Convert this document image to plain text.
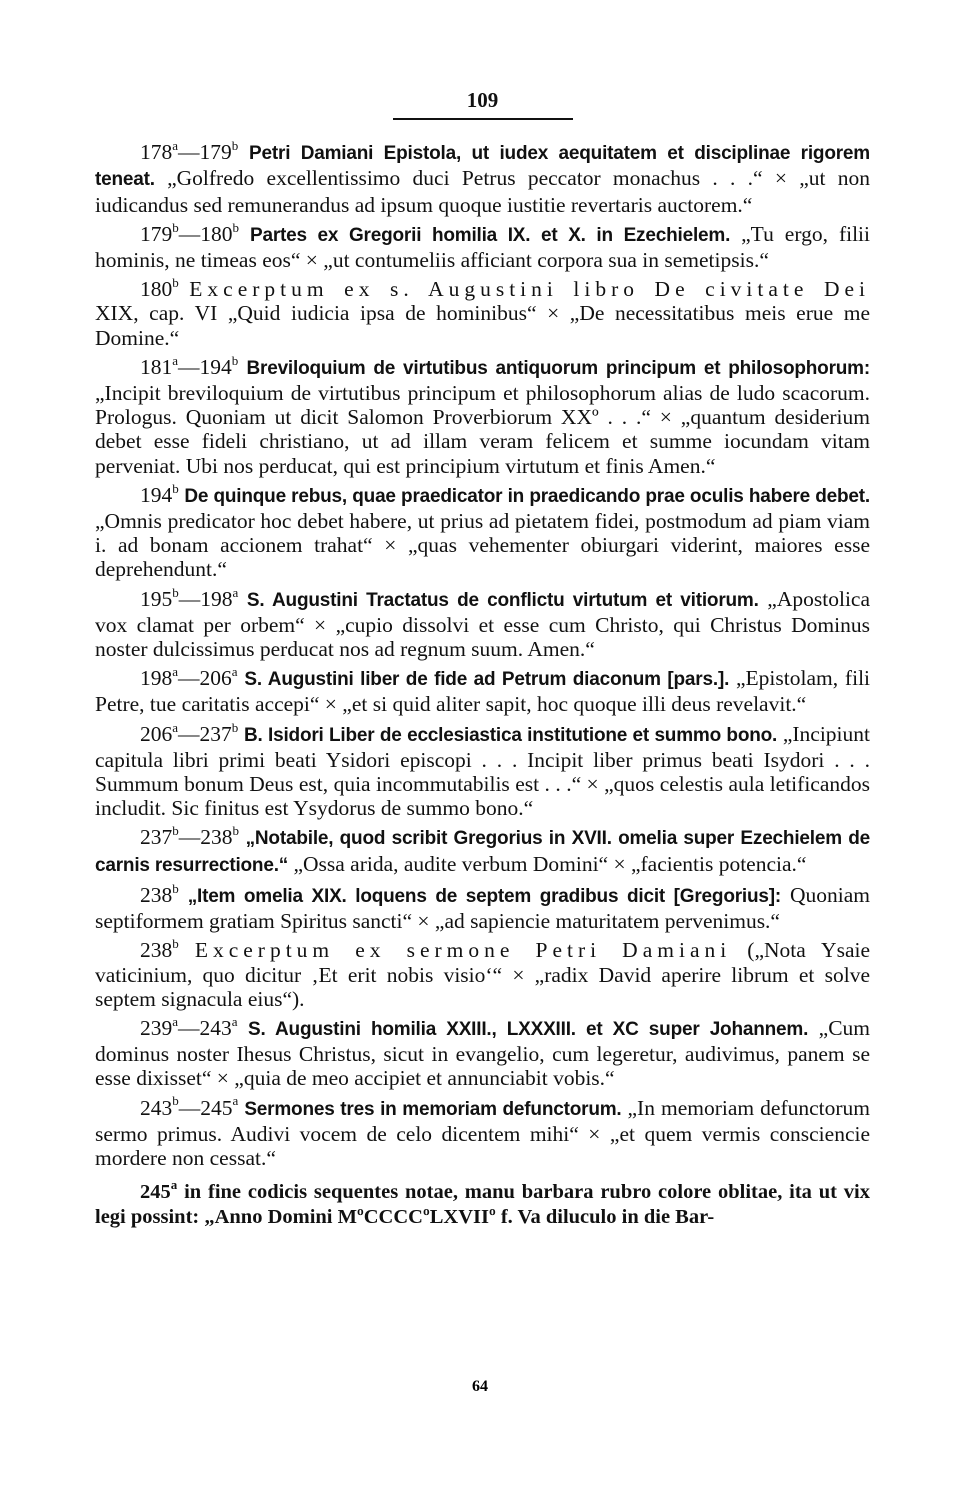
109

178$^a$—179$^b$ Petri Damiani Epistola, ut iudex aequitatem et disciplinae rigorem teneat. „Golfredo excellentissimo duci Petrus peccator monachus . . .“ × „ut non iudicandus sed remunerandus ad ipsum quoque iustitie revertaris auctorem.“

179$^b$—180$^b$ Partes ex Gregorii homilia IX. et X. in Ezechielem. „Tu ergo, filii hominis, ne timeas eos“ × „ut contumeliis afficiant corpora sua in semetipsis.“

180$^b$ Excerptum ex s. Augustini libro De civitate Dei XIX, cap. VI „Quid iudicia ipsa de hominibus“ × „De necessitatibus meis erue me Domine.“

181$^a$—194$^b$ Breviloquium de virtutibus antiquorum principum et philosophorum: „Incipit breviloquium de virtutibus principum et philosophorum alias de ludo scacorum. Prologus. Quoniam ut dicit Salomon Proverbiorum XXº . . .“ × „quantum desiderium debet esse fideli christiano, ut ad illam veram felicem et summe iocundam vitam perveniat. Ubi nos perducat, qui est principium virtutum et finis Amen.“

194$^b$ De quinque rebus, quae praedicator in praedicando prae oculis habere debet. „Omnis predicator hoc debet habere, ut prius ad pietatem fidei, postmodum ad piam viam i. ad bonam accionem trahat“ × „quas vehementer obiurgari viderint, maiores esse deprehendunt.“

195$^b$—198$^a$ S. Augustini Tractatus de conflictu virtutum et vitiorum. „Apostolica vox clamat per orbem“ × „cupio dissolvi et esse cum Christo, qui Christus Dominus noster dulcissimus perducat nos ad regnum suum. Amen.“

198$^a$—206$^a$ S. Augustini liber de fide ad Petrum diaconum [pars.]. „Epistolam, fili Petre, tue caritatis accepi“ × „et si quid aliter sapit, hoc quoque illi deus revelavit.“

206$^a$—237$^b$ B. Isidori Liber de ecclesiastica institutione et summo bono. „Incipiunt capitula libri primi beati Ysidori episcopi . . . Incipit liber primus beati Isydori . . . Summum bonum Deus est, quia incommutabilis est . . .“ × „quos celestis aula letificandos includit. Sic finitus est Ysydorus de summo bono.“

237$^b$—238$^b$ „Notabile, quod scribit Gregorius in XVII. omelia super Ezechielem de carnis resurrectione.“ „Ossa arida, audite verbum Domini“ × „facientis potencia.“

238$^b$ „Item omelia XIX. loquens de septem gradibus dicit [Gregorius]: Quoniam septiformem gratiam Spiritus sancti“ × „ad sapiencie maturitatem pervenimus.“

238$^b$ Excerptum ex sermone Petri Damiani („Nota Ysaie vaticinium, quo dicitur ‚Et erit nobis visio‘“ × „radix David aperire librum et solve septem signacula eius“).

239$^a$—243$^a$ S. Augustini homilia XXIII., LXXXIII. et XC super Johannem. „Cum dominus noster Ihesus Christus, sicut in evangelio, cum legeretur, audivimus, panem se esse dixisset“ × „quia de meo accipiet et annunciabit vobis.“

243$^b$—245$^a$ Sermones tres in memoriam defunctorum. „In memoriam defunctorum sermo primus. Audivi vocem de celo dicentem mihi“ × „et quem vermis consciencie mordere non cessat.“

245$^a$ in fine codicis sequentes notae, manu barbara rubro colore oblitae, ita ut vix legi possint: „Anno Domini MºCCCCºLXVIIº f. Va diluculo in die Bar-

64
